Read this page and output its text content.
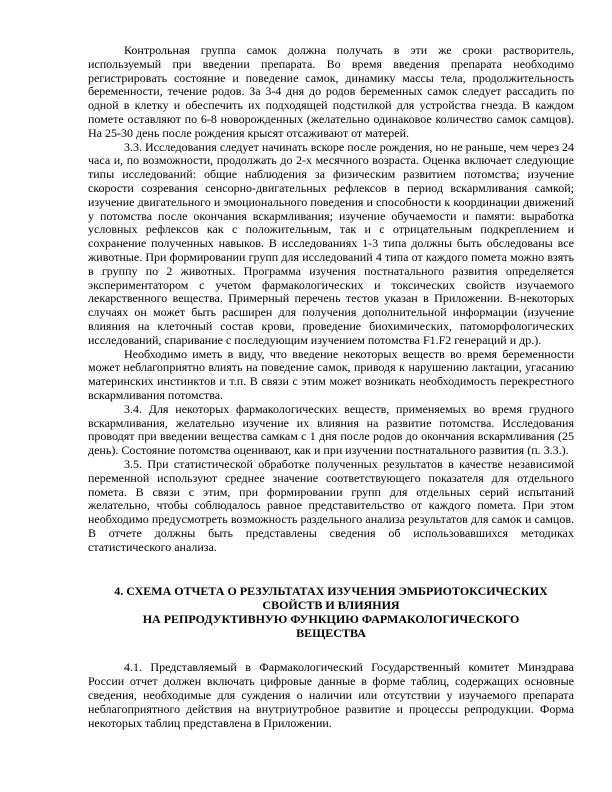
Контрольная группа самок должна получать в эти же сроки растворитель, используемый при введении препарата. Во время введения препарата необходимо регистрировать состояние и поведение самок, динамику массы тела, продолжительность беременности, течение родов. За 3-4 дня до родов беременных самок следует рассадить по одной в клетку и обеспечить их подходящей подстилкой для устройства гнезда. В каждом помете оставляют по 6-8 новорожденных (желательно одинаковое количество самок самцов). На 25-30 день после рождения крысят отсаживают от матерей.

3.3. Исследования следует начинать вскоре после рождения, но не раньше, чем через 24 часа и, по возможности, продолжать до 2-х месячного возраста. Оценка включает следующие типы исследований: общие наблюдения за физическим развитием потомства; изучение скорости созревания сенсорно-двигательных рефлексов в период вскармливания самкой; изучение двигательного и эмоционального поведения и способности к координации движений у потомства после окончания вскармливания; изучение обучаемости и памяти: выработка условных рефлексов как с положительным, так и с отрицательным подкреплением и сохранение полученных навыков. В исследованиях 1-3 типа должны быть обследованы все животные. При формировании групп для исследований 4 типа от каждого помета можно взять в группу по 2 животных. Программа изучения постнатального развития определяется экспериментатором с учетом фармакологических и токсических свойств изучаемого лекарственного вещества. Примерный перечень тестов указан в Приложении. В-некоторых случаях он может быть расширен для получения дополнительной информации (изучение влияния на клеточный состав крови, проведение биохимических, патоморфологических исследований, спаривание с последующим изучением потомства F1.F2 генераций и др.).

Необходимо иметь в виду, что введение некоторых веществ во время беременности может неблагоприятно влиять на поведение самок, приводя к нарушению лактации, угасанию материнских инстинктов и т.п. В связи с этим может возникать необходимость перекрестного вскармливания потомства.

3.4. Для некоторых фармакологических веществ, применяемых во время грудного вскармливания, желательно изучение их влияния на развитие потомства. Исследования проводят при введении вещества самкам с 1 дня после родов до окончания вскармливания (25 день). Состояние потомства оценивают, как и при изучении постнатального развития (п. 3.3.).

3.5. При статистической обработке полученных результатов в качестве независимой переменной используют среднее значение соответствующего показателя для отдельного помета. В связи с этим, при формировании групп для отдельных серий испытаний желательно, чтобы соблюдалось равное представительство от каждого помета. При этом необходимо предусмотреть возможность раздельного анализа результатов для самок и самцов. В отчете должны быть представлены сведения об использовавшихся методиках статистического анализа.

4. СХЕМА ОТЧЕТА О РЕЗУЛЬТАТАХ ИЗУЧЕНИЯ ЭМБРИОТОКСИЧЕСКИХ
СВОЙСТВ И ВЛИЯНИЯ
НА РЕПРОДУКТИВНУЮ ФУНКЦИЮ ФАРМАКОЛОГИЧЕСКОГО
ВЕЩЕСТВА

4.1. Представляемый в Фармакологический Государственный комитет Минздрава России отчет должен включать цифровые данные в форме таблиц, содержащих основные сведения, необходимые для суждения о наличии или отсутствии у изучаемого препарата неблагоприятного действия на внутриутробное развитие и процессы репродукции. Форма некоторых таблиц представлена в Приложении.
